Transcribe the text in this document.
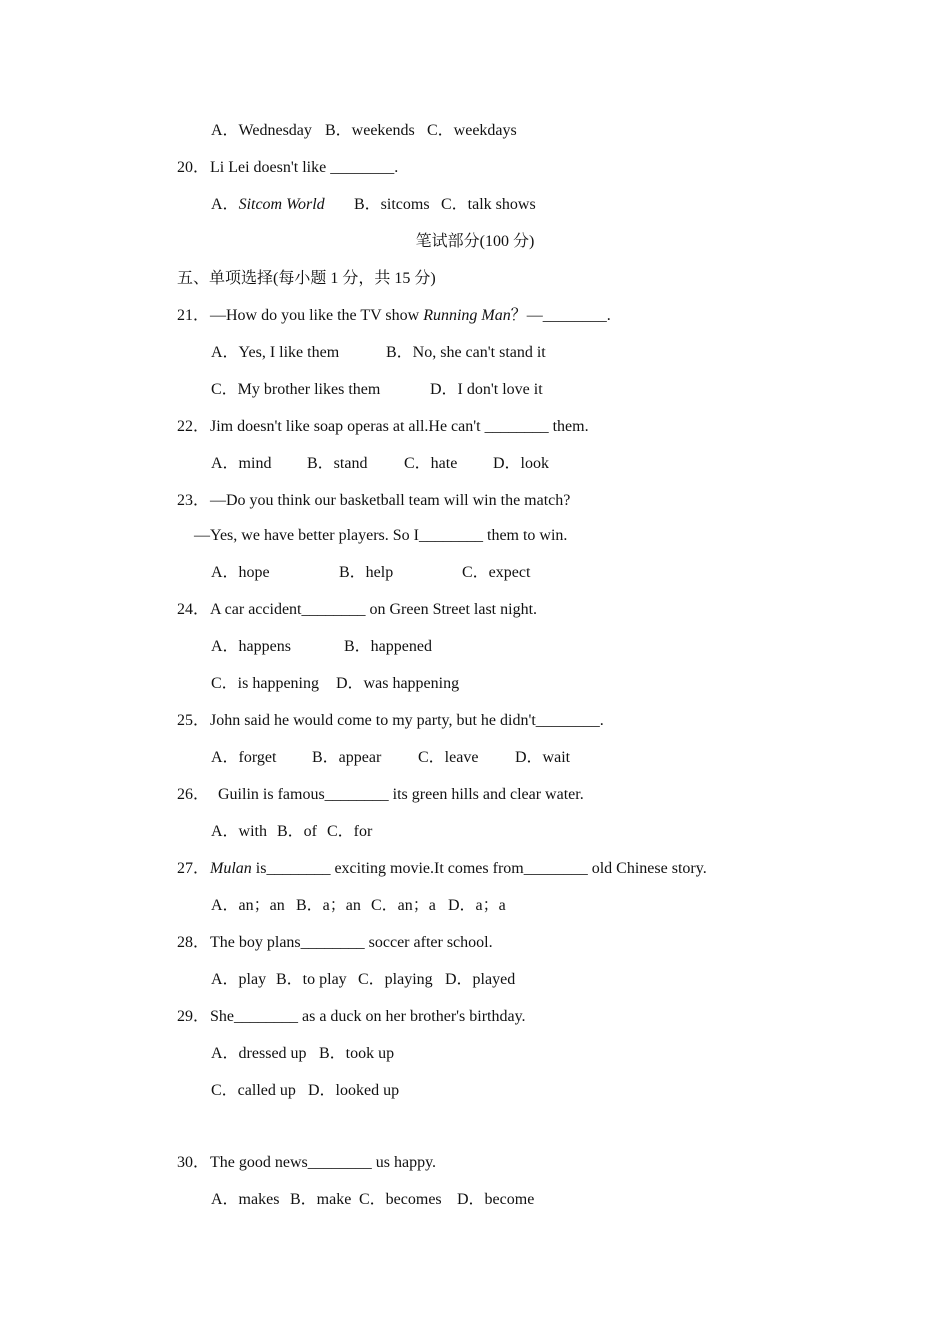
A．Wednesday

B．weekends

C．weekdays

20．

Li Lei doesn't like ________.

A．Sitcom World

B．sitcoms

C．talk shows

笔试部分(100 分)
五、单项选择(每小题 1 分，共 15 分)

21．

—How do you like the TV show Running Man？—________.

A．Yes, I like them

	B．No, she can't stand it

C．My brother likes them

	D．I don't love it

22．

Jim doesn't like soap operas at all.He can't ________ them.

A．mind

B．stand

C．hate

D．look

23．

—Do you think our basketball team will win the match?

—Yes, we have better players. So I________ them to win.

A．hope

	B．help

	C．expect

24．

A car accident________ on Green Street last night.

A．happens

	B．happened

C．is happening

D．was happening

25．

John said he would come to my party, but he didn't________.

A．forget

B．appear

C．leave

D．wait

26．

Guilin is famous________ its green hills and clear water.

A．with

B．of

C．for

27．

Mulan is________ exciting movie.It comes from________ old Chinese story.

A．an；an

B．a；an

C．an；a

D．a；a

28．

The boy plans________ soccer after school.

A．play

B．to play

C．playing

D．played

29．

She________ as a duck on her brother's birthday.

A．dressed up

B．took up

C．called up

D．looked up

30．

The good news________ us happy.

A．makes

B．make

C．becomes

D．become
